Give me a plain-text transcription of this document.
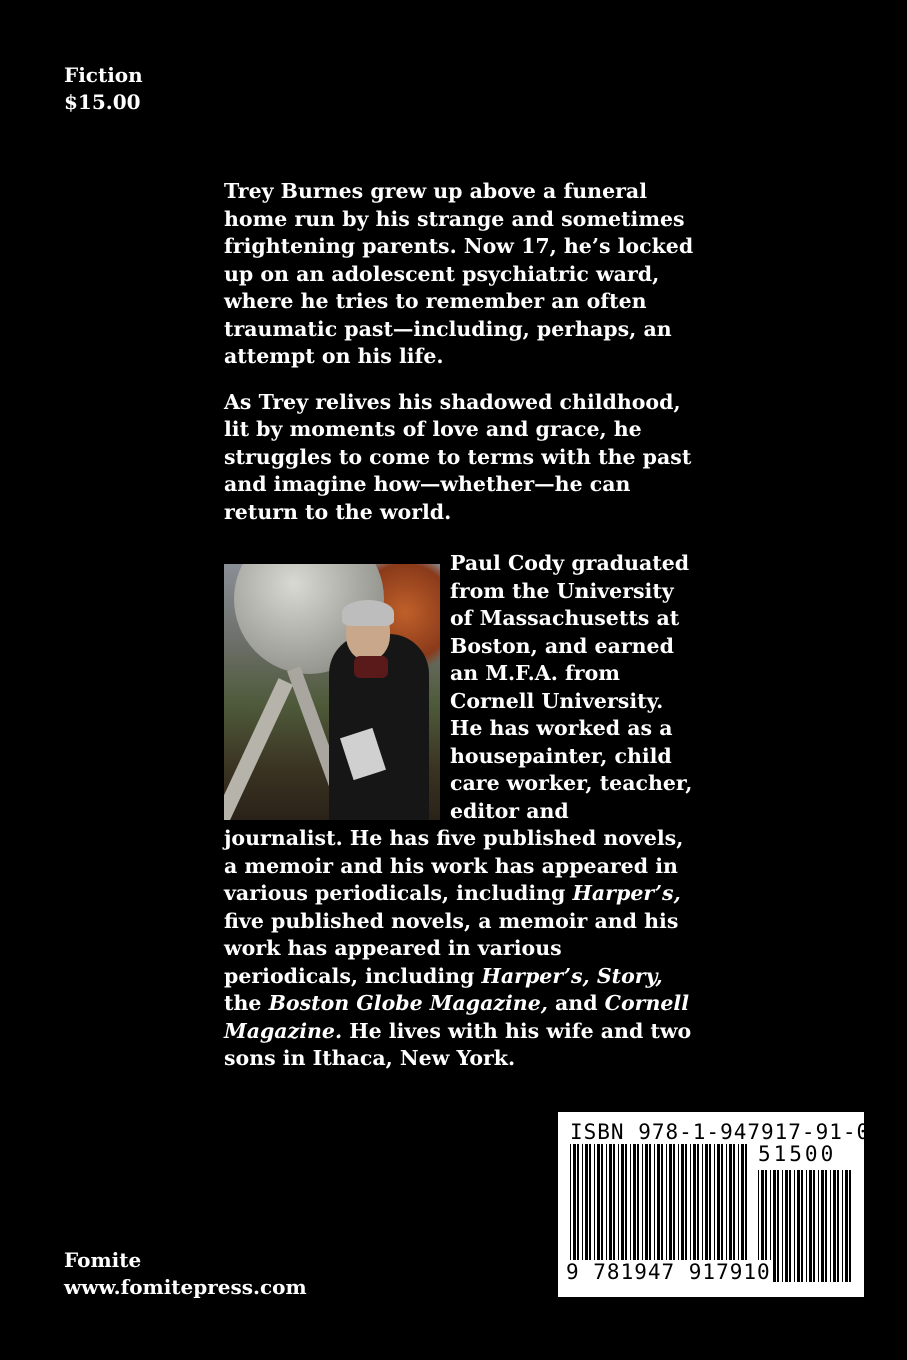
Fiction
$15.00

Trey Burnes grew up above a funeral home run by his strange and sometimes frightening parents. Now 17, he’s locked up on an adolescent psychiatric ward, where he tries to remember an often traumatic past—including, perhaps, an attempt on his life.

As Trey relives his shadowed childhood, lit by moments of love and grace, he struggles to come to terms with the past and imagine how—whether—he can return to the world.

Paul Cody graduated from the University of Massachusetts at Boston, and earned an M.F.A. from Cornell University. He has worked as a housepainter, child care worker, teacher, editor and journalist. He has five published novels, a memoir and his work has appeared in various periodicals, including Harper’s, five published novels, a memoir and his work has appeared in various periodicals, including Harper’s, Story, the Boston Globe Magazine, and Cornell Magazine. He lives with his wife and two sons in Ithaca, New York.
ISBN 978-1-947917-91-0
51500
9 781947 917910
Fomite
www.fomitepress.com
